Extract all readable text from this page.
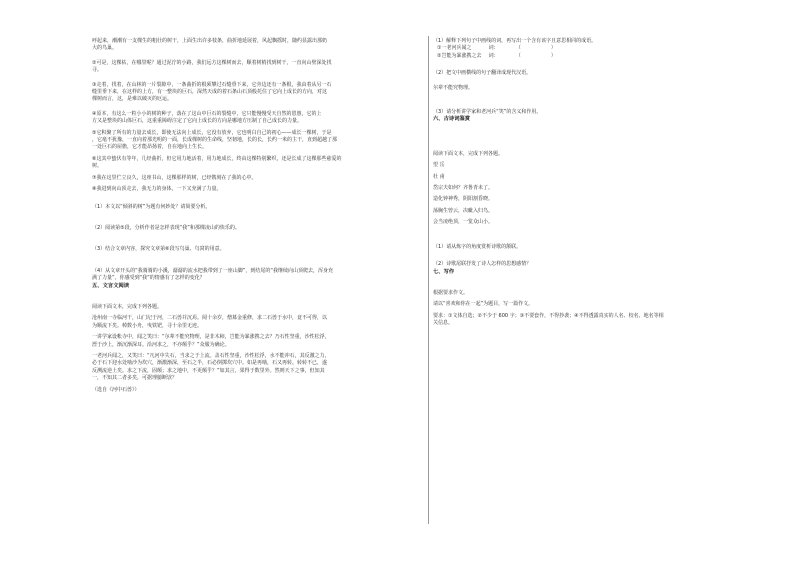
呼起来，潮潮有一支棵生的粗壮的树干，上面生出许多枝条，曲折地延展着，风起飘摇时，随约显露出那奶

大的鸟巢。

②可是，这棵枯，在哪里呢？通过泥泞的小路，我们远方这棵树而去，顺着树梢找到树干，一直向山壁深处找

寻。

③走着，找着，在山林的一片裂隙中，一条曲折的根须攀过石缝垂下来，它旁边还有一条根，我由着从另一石

缝里垂下来，在这样的上方，有一整块的巨石，深然天成的着石条山石顶般托住了它向上成长的方向，对这

棵树而言，这，是难以破灭的厄运。

④原本，有这么一粒小小的树的种子，落在了这山中巨石的裂缝中，它只能慢慢受天自然的恩惠，它的上

方又是整块的山体巨石，这重重障碍注定了它向上成长的方向是哪地方压制了自己成长的力量。

⑤它积聚了所有的力量去成长，即使无法向上成长，它没有放弃，它也明白自己的初心——成长一棵树，于是

，它毫不犹豫，一直向着那光明的一面，长成棵树的生命线，坚韧地，长的长，长约一米的主干，直到超越了那

一处巨石的屋檐，它才能昂扬着，自在地向上生长。

⑥这其中蛰伏有等年，几经曲折，但它用力地活着，用力地成长，终由这棵特别繁织，还是长成了这棵那些慈爱的

树。

⑦我在这里伫立良久，这座书山，这棵那样的树，已经镌刻在了我的心中。

⑧我进到向山顶走去，我无力的身体，一下又充满了力量。

（1）本文以“倾斜的树”为题有何妙处？请简要分析。

（2）阅读第⑤段，分析作者是怎样表现“我”和那棵凌山的快乐的。

（3）结合文章内容，探究文章第⑥段写鸟巢、鸟窝的用意。

（4）从文章开头的“我骑骑的小溪，潺潺的流水把我带到了一座山脚”，到结尾的“我继续向山顶爬去，浑身充

满了力量”，你感受到“我”的情感有了怎样的变化？

五、文言文阅读

阅读下面文本，完成下列各题。

沧州南一寺临河干，山门圮于河，二石兽并沉焉。阅十余岁，僧募金重修，求二石兽于水中，竟不可得，以

为顺流下矣。棹数小舟，曳铁钯，寻十余里无迹。

一讲学家设帐寺中，闻之笑曰：“尔辈不能究物理，是非木柿，岂能为暴涨携之去？乃石性坚重，沙性松浮，

湮于沙上，渐沉渐深耳。沿河求之，不亦颠乎？”众服为确论。

一老河兵闻之，又笑曰：“凡河中失石，当求之于上流。盖石性坚重，沙性松浮，水不能冲石，其反激之力，

必于石下迎水处啮沙为坎穴，渐激渐深，至石之半，石必倒掷坎穴中。如是再啮，石又再转。转转不已，遂

反溯流逆上矣。求之下流，固颠；求之地中，不更颠乎？”如其言，果得于数里外。然则天下之事，但知其

一，不知其二者多矣，可据理臆断欤？

（选自《河中石兽》）

（1）解释下列句子中画线的词，再写出一个含有该字且意思相同的成语。

①一老河兵闻之	词：	（　　　　　　）

②岂能为暴涨携之去 词：	（　　　　　　）

（2）把文中画横线的句子翻译成现代汉语。

尔辈不能究物理。

（3）请分析讲学家和老河兵“笑”的含义和作用。

六、古诗词鉴赏

阅读下面文本，完成下列各题。

望 岳

杜 甫

岱宗夫如何？齐鲁青未了。

造化钟神秀，阴阳割昏晓。

荡胸生曾云，决眦入归鸟。

会当凌绝顶，一览众山小。

（1）请从炼字的角度赏析诗歌的颔联。

（2）诗歌尾联抒发了诗人怎样的思想感情？

七、写作

根据要求作文。

请以“喜欢和你在一起”为题目，写一篇作文。

要求：①文体自选；②不少于 600 字；③不要套作，不得抄袭；④不得透露真实的人名、校名、地名等相

关信息。
